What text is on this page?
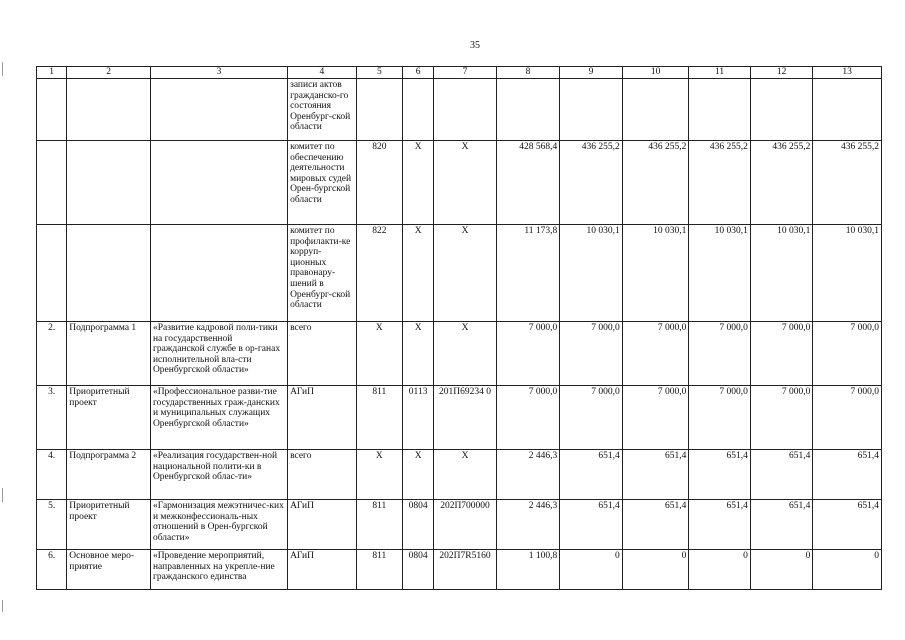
35
1	2	3	4	5	6	7	8	9	10	11	12	13
			записи актов гражданско-го состояния Оренбург-ской области									
			комитет по обеспечению деятельности мировых судей Орен-бургской области	820	X	X	428 568,4	436 255,2	436 255,2	436 255,2	436 255,2	436 255,2
			комитет по профилакти-ке корруп-ционных правонару-шений в Оренбург-ской области	822	X	X	11 173,8	10 030,1	10 030,1	10 030,1	10 030,1	10 030,1
2.	Подпрограмма 1	«Развитие кадровой поли-тики на государственной гражданской службе в ор-ганах исполнительной вла-сти Оренбургской области»	всего	X	X	X	7 000,0	7 000,0	7 000,0	7 000,0	7 000,0	7 000,0
3.	Приоритетный проект	«Профессиональное разви-тие государственных граж-данских и муниципальных служащих Оренбургской области»	АГиП	811	0113	201П69234 0	7 000,0	7 000,0	7 000,0	7 000,0	7 000,0	7 000,0
4.	Подпрограмма 2	«Реализация государствен-ной национальной полити-ки в Оренбургской облас-ти»	всего	X	X	X	2 446,3	651,4	651,4	651,4	651,4	651,4
5.	Приоритетный проект	«Гармонизация межэтничес-ких и межконфессиональ-ных отношений в Орен-бургской области»	АГиП	811	0804	202П700000	2 446,3	651,4	651,4	651,4	651,4	651,4
6.	Основное меро-приятие	«Проведение мероприятий, направленных на укрепле-ние гражданского единства	АГиП	811	0804	202П7R5160	1 100,8	0	0	0	0	0
